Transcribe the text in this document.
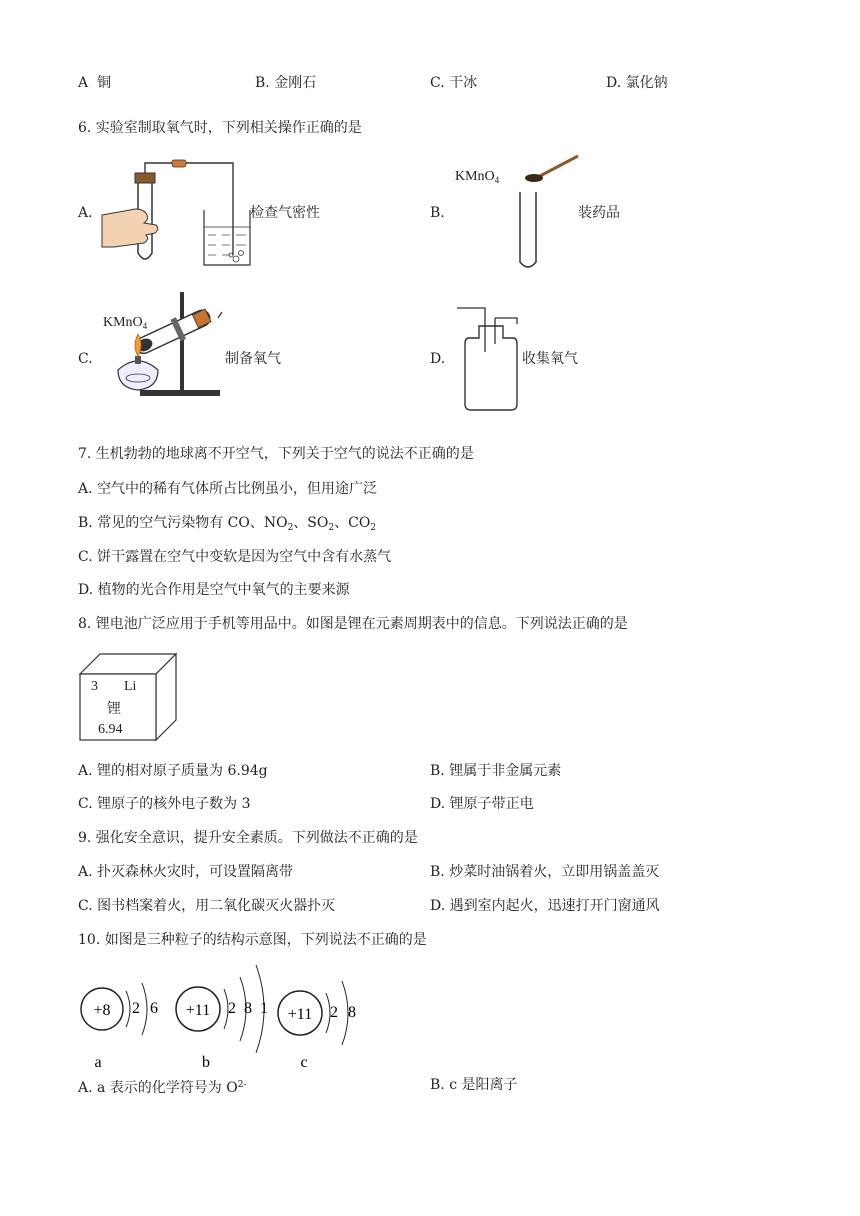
A 铜	B. 金刚石	C. 干冰	D. 氯化钠
6. 实验室制取氧气时，下列相关操作正确的是
A.	检查气密性	B.
KMnO$_4$
装药品
C.
KMnO$_4$
制备氧气	D.	收集氧气
7. 生机勃勃的地球离不开空气，下列关于空气的说法不正确的是
A. 空气中的稀有气体所占比例虽小，但用途广泛
B. 常见的空气污染物有 CO、$NO_2$、$SO_2$、$CO_2$
C. 饼干露置在空气中变软是因为空气中含有水蒸气
D. 植物的光合作用是空气中氧气的主要来源
8. 锂电池广泛应用于手机等用品中。如图是锂在元素周期表中的信息。下列说法正确的是
3 Li
锂
6.94
A. 锂的相对原子质量为 6.94g	B. 锂属于非金属元素
C. 锂原子的核外电子数为 3	D. 锂原子带正电
9. 强化安全意识，提升安全素质。下列做法不正确的是
A. 扑灭森林火灾时，可设置隔离带	B. 炒菜时油锅着火，立即用锅盖盖灭
C. 图书档案着火，用二氧化碳灭火器扑灭	D. 遇到室内起火，迅速打开门窗通风
10. 如图是三种粒子的结构示意图，下列说法不正确的是
+8 2 6
a
+11 2 8 1
b
+11 2 8
c
A. a 表示的化学符号为 $O^{2-}$	B. c 是阳离子
